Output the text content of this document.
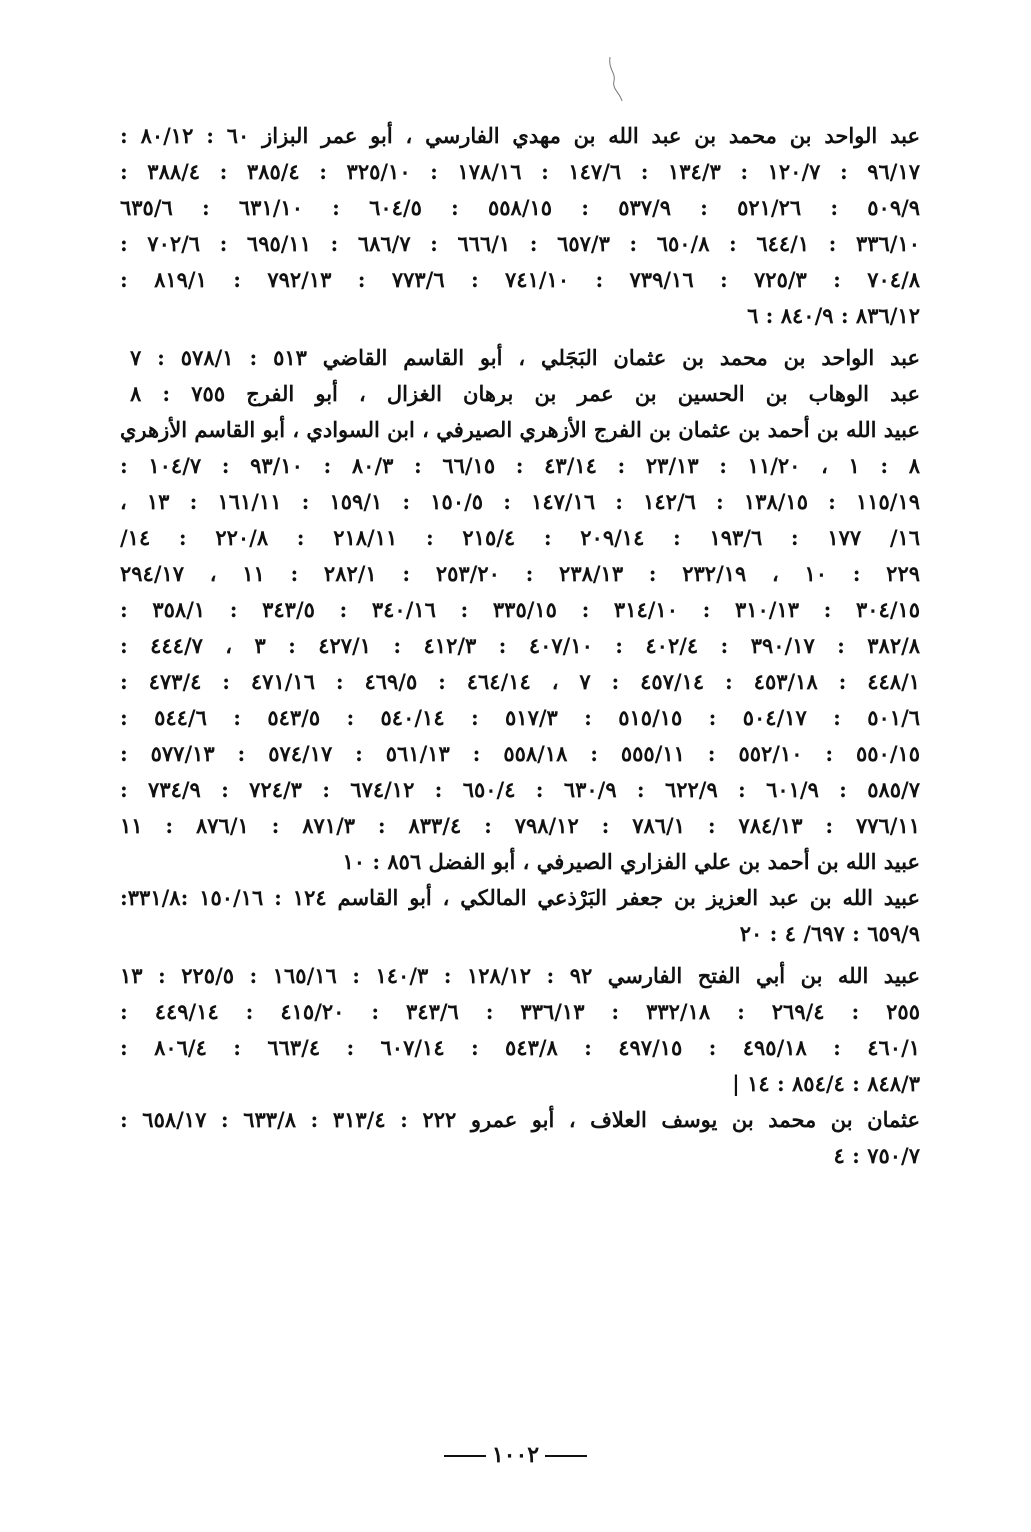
عبد الواحد بن محمد بن عبد الله بن مهدي الفارسي ، أبو عمر البزاز ٦٠ : ٨٠/١٢ :
٩٦/١٧ : ١٢٠/٧ : ١٣٤/٣ : ١٤٧/٦ : ١٧٨/١٦ : ٣٢٥/١٠ : ٣٨٥/٤ : ٣٨٨/٤ :
٥٠٩/٩ : ٥٢١/٢٦ : ٥٣٧/٩ : ٥٥٨/١٥ : ٦٠٤/٥ : ٦٣١/١٠ : ٦٣٥/٦
٣٣٦/١٠ : ٦٤٤/١ : ٦٥٠/٨ : ٦٥٧/٣ : ٦٦٦/١ : ٦٨٦/٧ : ٦٩٥/١١ : ٧٠٢/٦ :
٧٠٤/٨ : ٧٢٥/٣ : ٧٣٩/١٦ : ٧٤١/١٠ : ٧٧٣/٦ : ٧٩٢/١٣ : ٨١٩/١ :
٨٣٦/١٢ : ٨٤٠/٩ : ٦
عبد الواحد بن محمد بن عثمان البَجَلي ، أبو القاسم القاضي ٥١٣ : ٥٧٨/١ : ٧
عبد الوهاب بن الحسين بن عمر بن برهان الغزال ، أبو الفرج ٧٥٥ : ٨
عبيد الله بن أحمد بن عثمان بن الفرج الأزهري الصيرفي ، ابن السوادي ، أبو القاسم الأزهري
٨ : ١ ، ١١/٢٠ : ٢٣/١٣ : ٤٣/١٤ : ٦٦/١٥ : ٨٠/٣ : ٩٣/١٠ : ١٠٤/٧ :
١١٥/١٩ : ١٣٨/١٥ : ١٤٢/٦ : ١٤٧/١٦ : ١٥٠/٥ : ١٥٩/١ : ١٦١/١١ : ١٣ ،
١٦/ ١٧٧ : ١٩٣/٦ : ٢٠٩/١٤ : ٢١٥/٤ : ٢١٨/١١ : ٢٢٠/٨ : ١٤/
٢٢٩ : ١٠ ، ٢٣٢/١٩ : ٢٣٨/١٣ : ٢٥٣/٢٠ : ٢٨٢/١ : ١١ ، ٢٩٤/١٧
٣٠٤/١٥ : ٣١٠/١٣ : ٣١٤/١٠ : ٣٣٥/١٥ : ٣٤٠/١٦ : ٣٤٣/٥ : ٣٥٨/١ :
٣٨٢/٨ : ٣٩٠/١٧ : ٤٠٢/٤ : ٤٠٧/١٠ : ٤١٢/٣ : ٤٢٧/١ : ٣ ، ٤٤٤/٧ :
٤٤٨/١ : ٤٥٣/١٨ : ٤٥٧/١٤ : ٧ ، ٤٦٤/١٤ : ٤٦٩/٥ : ٤٧١/١٦ : ٤٧٣/٤ :
٥٠١/٦ : ٥٠٤/١٧ : ٥١٥/١٥ : ٥١٧/٣ : ٥٤٠/١٤ : ٥٤٣/٥ : ٥٤٤/٦ :
٥٥٠/١٥ : ٥٥٢/١٠ : ٥٥٥/١١ : ٥٥٨/١٨ : ٥٦١/١٣ : ٥٧٤/١٧ : ٥٧٧/١٣ :
٥٨٥/٧ : ٦٠١/٩ : ٦٢٢/٩ : ٦٣٠/٩ : ٦٥٠/٤ : ٦٧٤/١٢ : ٧٢٤/٣ : ٧٣٤/٩ :
٧٧٦/١١ : ٧٨٤/١٣ : ٧٨٦/١ : ٧٩٨/١٢ : ٨٣٣/٤ : ٨٧١/٣ : ٨٧٦/١ : ١١
عبيد الله بن أحمد بن علي الفزاري الصيرفي ، أبو الفضل ٨٥٦ : ١٠
عبيد الله بن عبد العزيز بن جعفر البَرْذعي المالكي ، أبو القاسم ١٢٤ : ١٥٠/١٦ :٣٣١/٨:
٦٥٩/٩ : ٦٩٧/ ٤ : ٢٠
عبيد الله بن أبي الفتح الفارسي ٩٢ : ١٢٨/١٢ : ١٤٠/٣ : ١٦٥/١٦ : ٢٢٥/٥ : ١٣
٢٥٥ : ٢٦٩/٤ : ٣٣٢/١٨ : ٣٣٦/١٣ : ٣٤٣/٦ : ٤١٥/٢٠ : ٤٤٩/١٤ :
٤٦٠/١ : ٤٩٥/١٨ : ٤٩٧/١٥ : ٥٤٣/٨ : ٦٠٧/١٤ : ٦٦٣/٤ : ٨٠٦/٤ :
٨٤٨/٣ : ٨٥٤/٤ : ١٤ |
عثمان بن محمد بن يوسف العلاف ، أبو عمرو ٢٢٢ : ٣١٣/٤ : ٦٣٣/٨ : ٦٥٨/١٧ :
٧٥٠/٧ : ٤
١٠٠٢
